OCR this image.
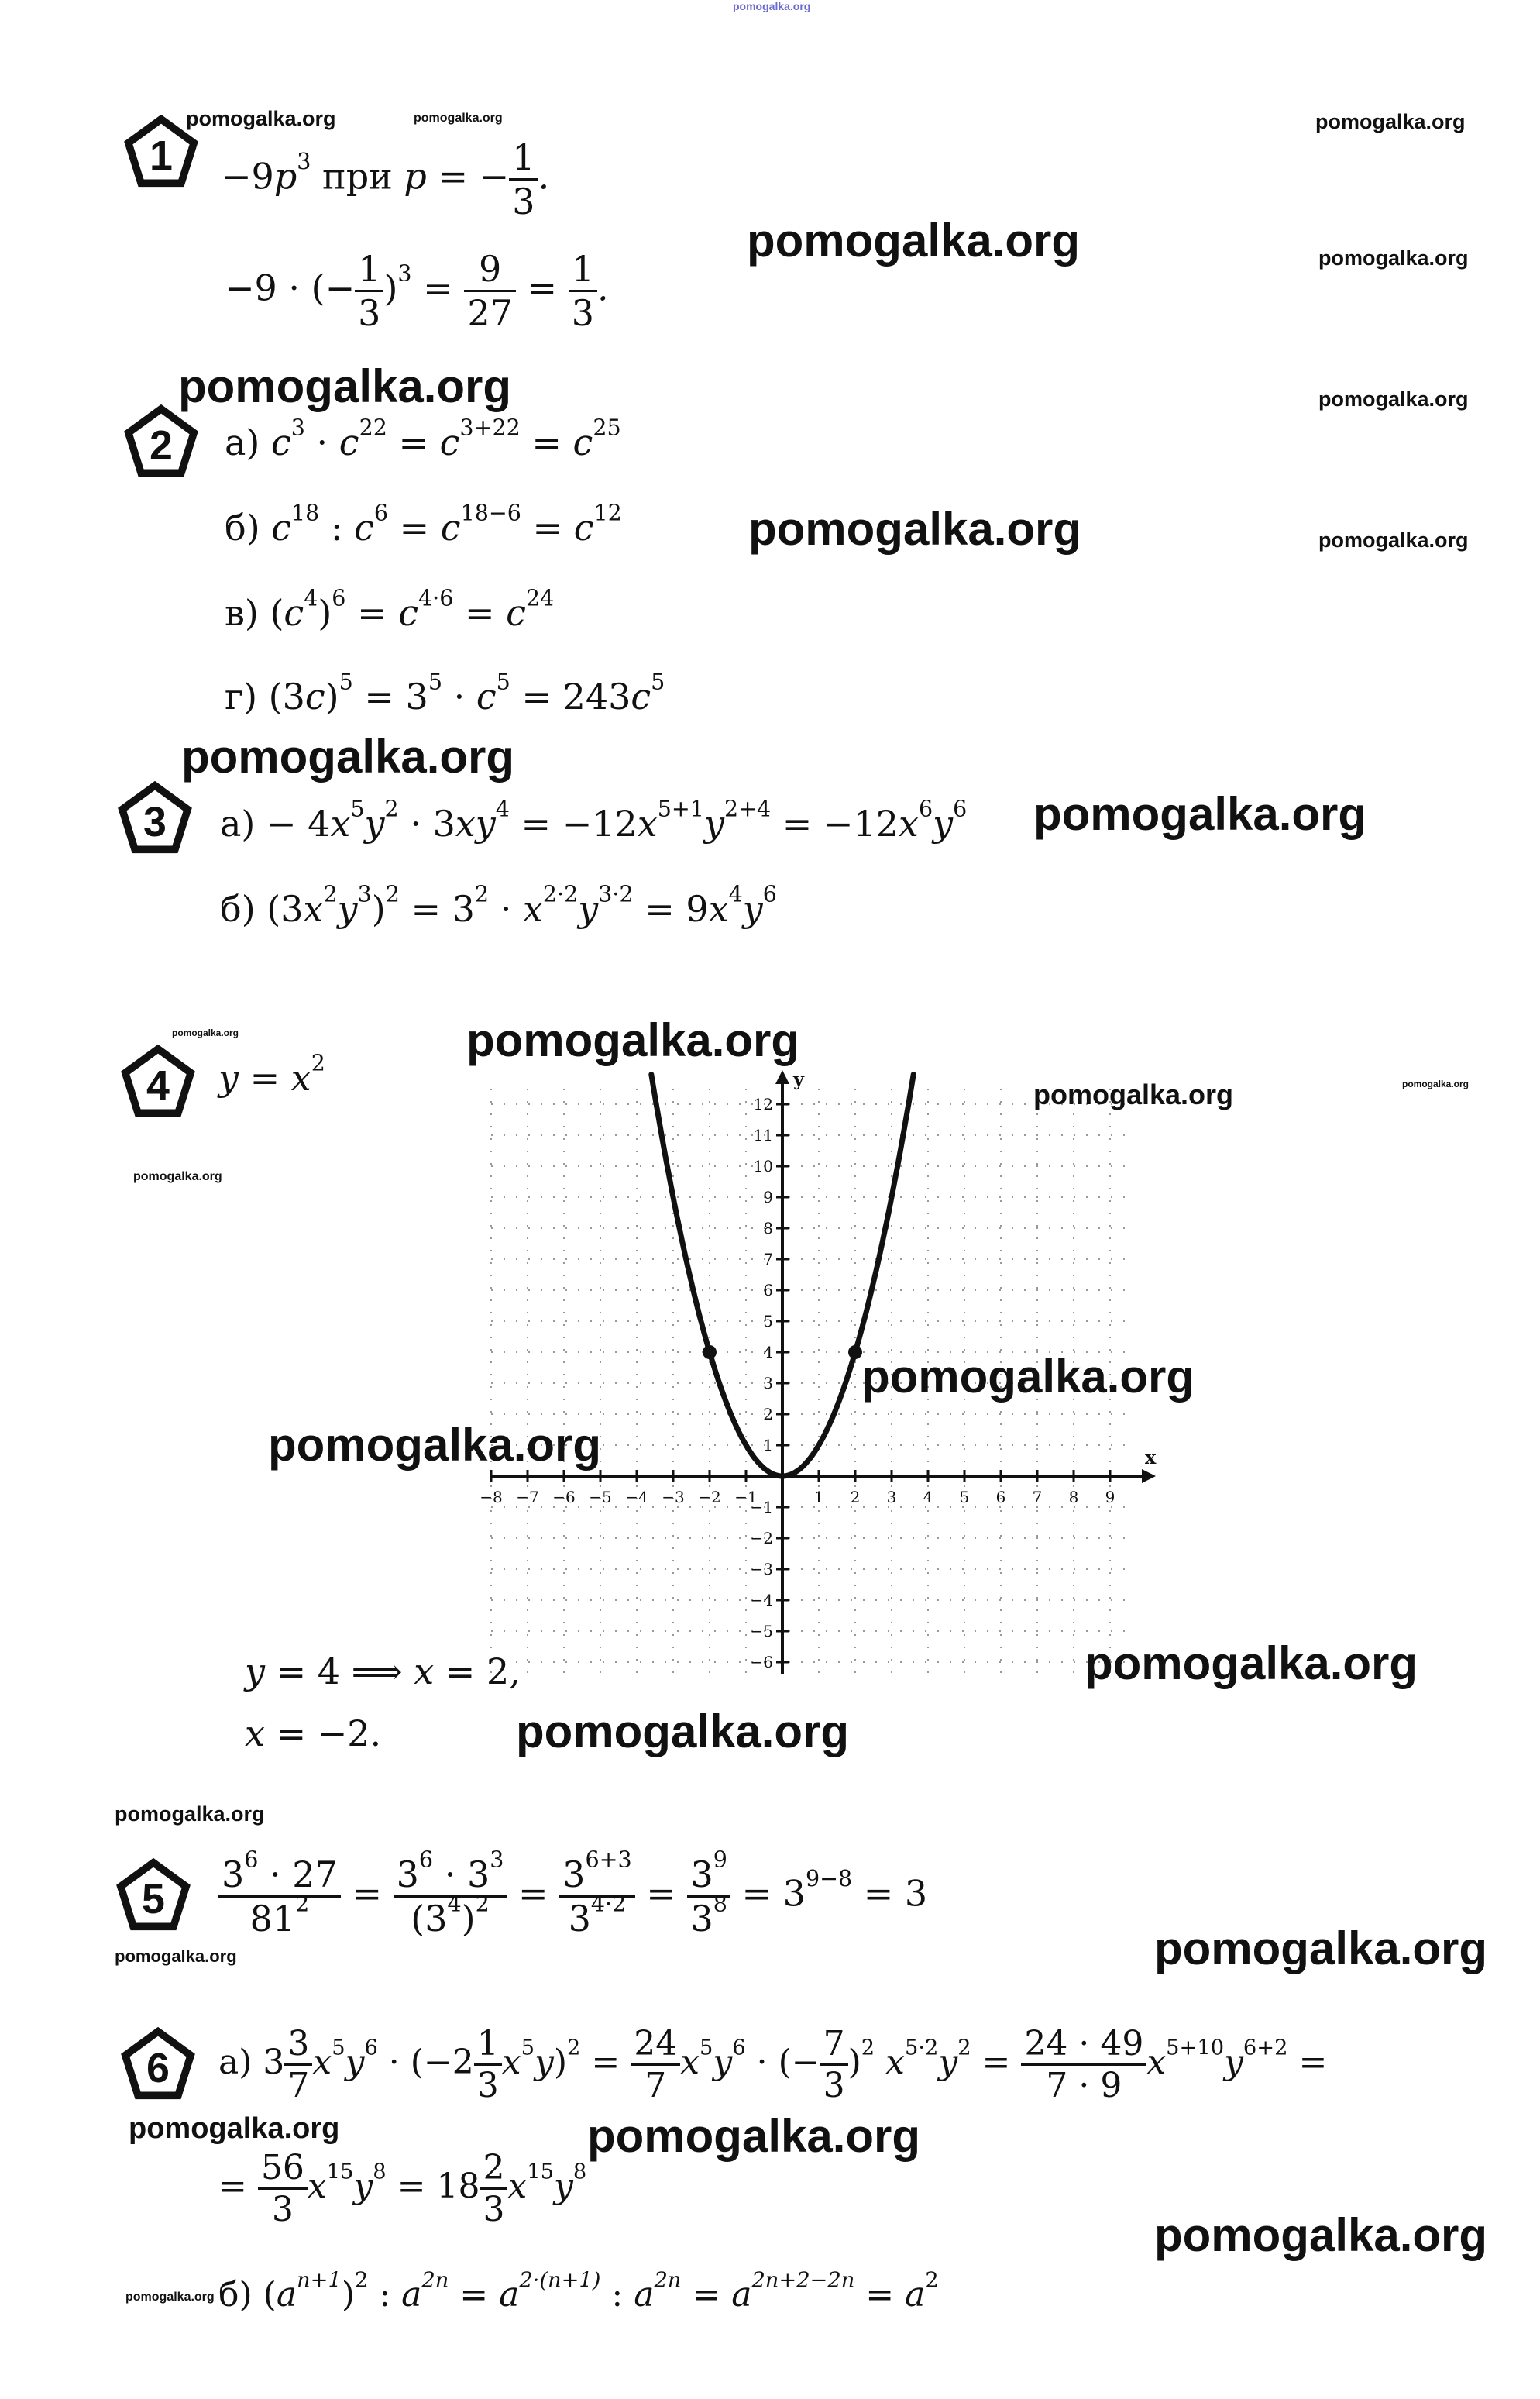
pomogalka.org
$1 -9p^3$ при p = − $\frac{1}{3}$ .
−9 · (− $\frac{1}{3} )^3 = \frac{9}{27} = \frac{1}{3}$ .
2 а) $c^3 \cdot c^{22} = c^{3+22} = c^{25}$
б) $c^{18}$ : $c^6 = c^{18-6} = c^{12}$
в) $(c^4)^6 = c^{4\cdot 6} = c^{24}$
г) $(3c)^5 = 3^5 \cdot c^5 = 243c^5$
3 $а) - 4x^5y^2 \cdot 3xy^4 = -12x^{5+1}y^{2+4} = -12x^6y^6$
б) $(3x^2y^3)^2 = 3^2 \cdot x^{2\cdot 2}y^{3\cdot 2} = 9x^4y^6$
4 $y = x^2$
x
y
−8 −7 −6 −5 −4 −3 −2 −1	1 2 3 4 5 6 7 8 9
−6
−5
−4
−3
−2
−1
1
2
3
4
5
6
7
8
9
10
11
12
y = 4 ⟹ x = 2,
x = −2.
$5 \frac{3^6 \cdot 27}{81^2} = \frac{3^6 \cdot 3^3}{(3^4)^2} = \frac{3^{6+3}}{3^{4\cdot 2}} = \frac{3^9}{3^8} = 3^{9-8} = 3$
6 а) $3 \frac{3}{7} x^5y^6 \cdot (-2 \frac{1}{3} x^5y)^2 = \frac{24}{7} x^5y^6$ · (− $\frac{7}{3} )^2$ $x^{5\cdot 2}y^2 = \frac{24 \cdot 49}{7 \cdot 9} x^{5+10}y^{6+2}$ =
= $\frac{56}{3} x^{15}y^8 = 18 \frac{2}{3} x^{15}y^8$
б) $(a^{n+1})^2$ : $a^{2n} = a^{2\cdot(n+1)}$ : $a^{2n} = a^{2n+2-2n} = a^2$
pomogalka.org	pomogalka.org	pomogalka.org
pomogalka.org	pomogalka.org
pomogalka.org	pomogalka.org
pomogalka.org	pomogalka.org
pomogalka.org
pomogalka.org
pomogalka.org	pomogalka.org
pomogalka.org	pomogalka.org
pomogalka.org
pomogalka.org
pomogalka.org
pomogalka.org
pomogalka.org
pomogalka.org
pomogalka.org	pomogalka.org
pomogalka.org	pomogalka.org
pomogalka.org
pomogalka.org
